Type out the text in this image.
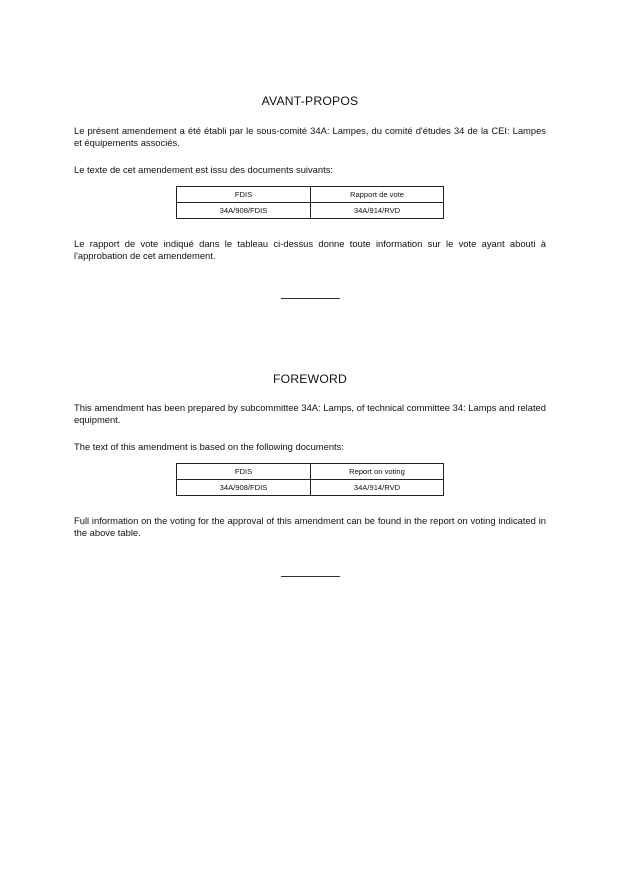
AVANT-PROPOS

Le présent amendement a été établi par le sous-comité 34A: Lampes, du comité d'études 34 de la CEI: Lampes et équipements associés.

Le texte de cet amendement est issu des documents suivants:

FDIS	Rapport de vote
34A/908/FDIS	34A/914/RVD

Le rapport de vote indiqué dans le tableau ci-dessus donne toute information sur le vote ayant abouti à l'approbation de cet amendement.

FOREWORD

This amendment has been prepared by subcommittee 34A: Lamps, of technical committee 34: Lamps and related equipment.

The text of this amendment is based on the following documents:

FDIS	Report on voting
34A/908/FDIS	34A/914/RVD

Full information on the voting for the approval of this amendment can be found in the report on voting indicated in the above table.
